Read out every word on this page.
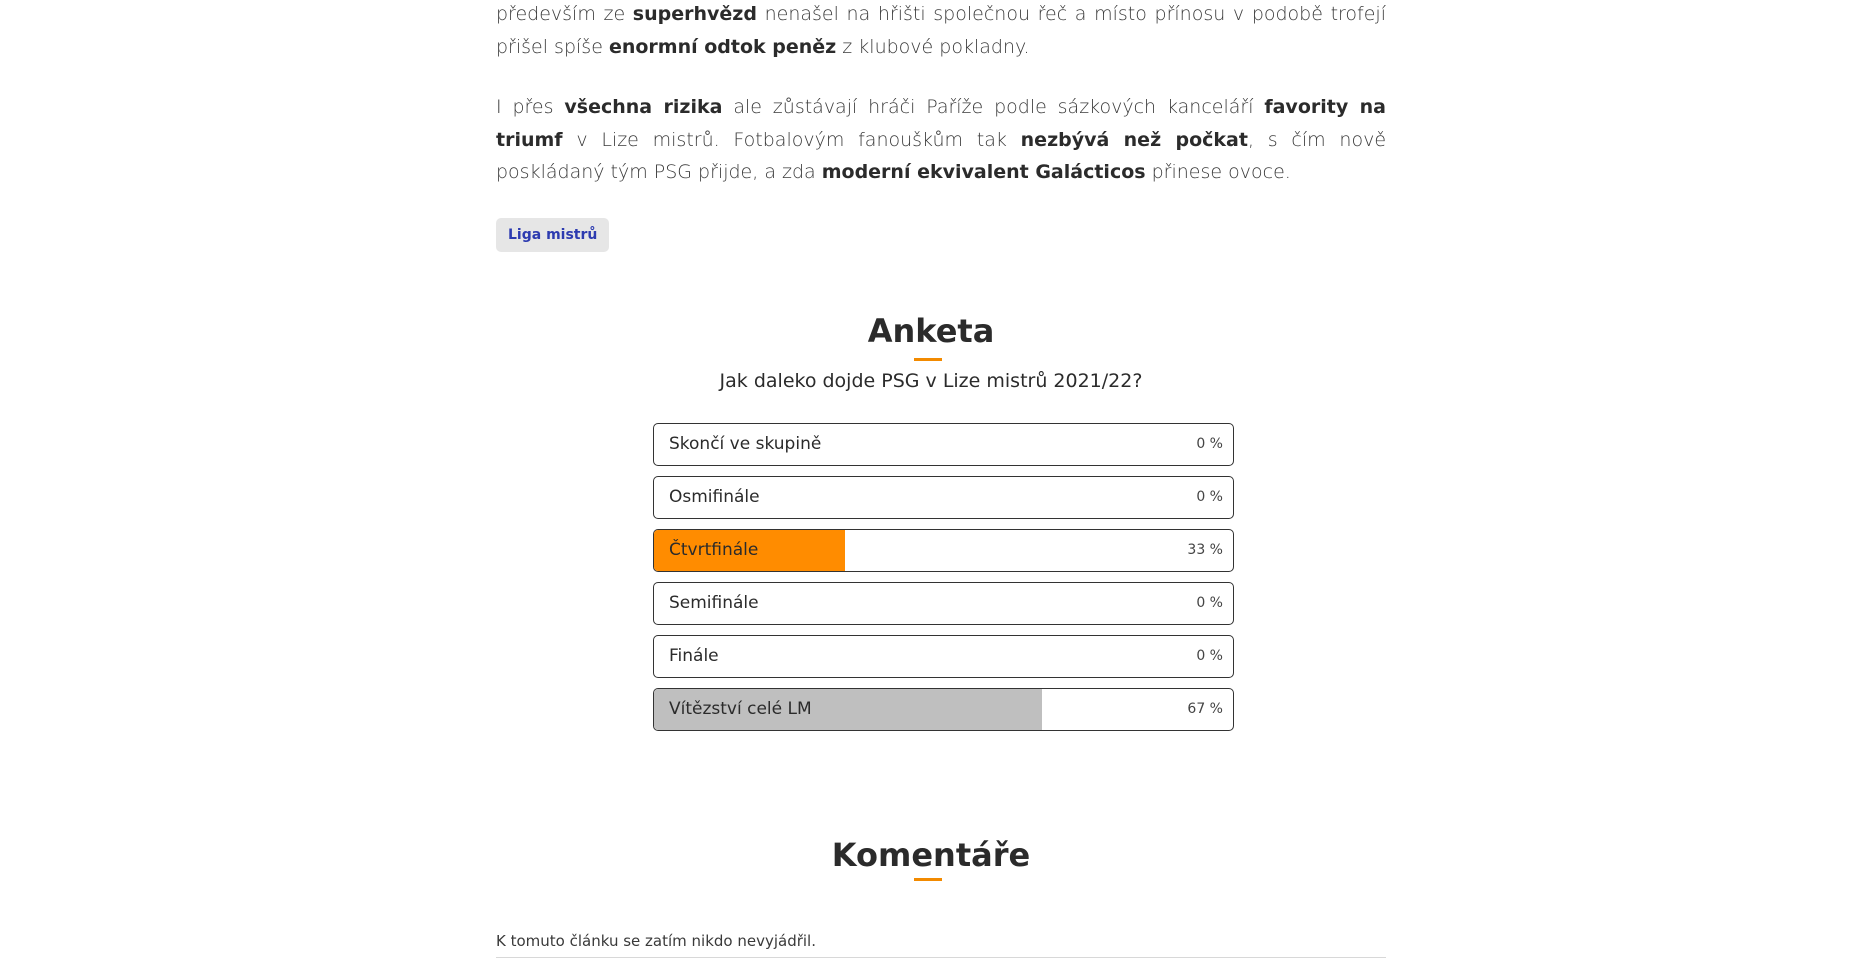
především ze superhvězd nenašel na hřišti společnou řeč a místo přínosu v podobě trofejí přišel spíše enormní odtok peněz z klubové pokladny.

I přes všechna rizika ale zůstávají hráči Paříže podle sázkových kanceláří favority na triumf v Lize mistrů. Fotbalovým fanouškům tak nezbývá než počkat, s čím nově poskládaný tým PSG přijde, a zda moderní ekvivalent Galácticos přinese ovoce.

Liga mistrů
Anketa
Jak daleko dojde PSG v Lize mistrů 2021/22?
Skončí ve skupině	0 %
Osmifinále	0 %
Čtvrtfinále	33 %
Semifinále	0 %
Finále	0 %
Vítězství celé LM	67 %
Komentáře
K tomuto článku se zatím nikdo nevyjádřil.
